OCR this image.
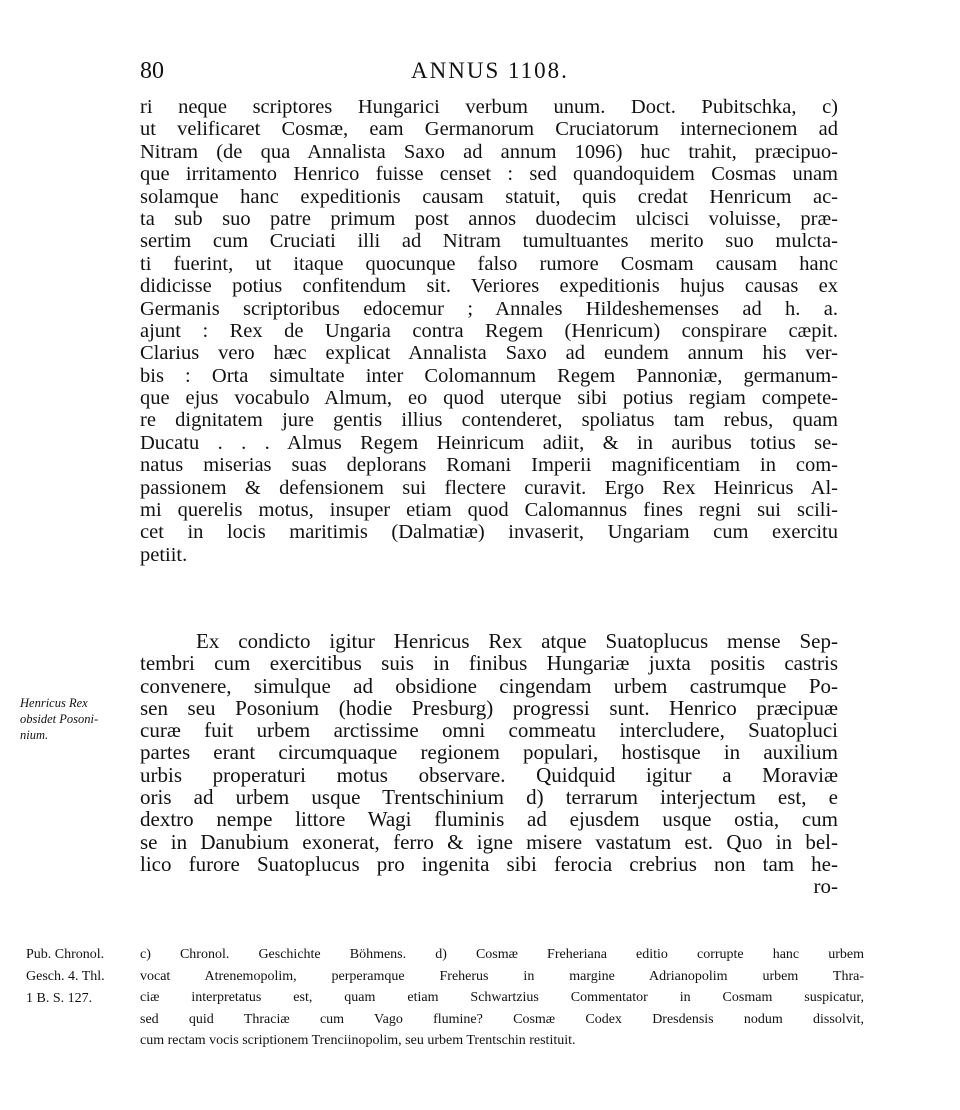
80	ANNUS 1108.
ri neque scriptores Hungarici verbum unum. Doct. Pubitschka, c)
ut velificaret Cosmæ, eam Germanorum Cruciatorum internecionem ad
Nitram (de qua Annalista Saxo ad annum 1096) huc trahit, præcipuo-
que irritamento Henrico fuisse censet : sed quandoquidem Cosmas unam
solamque hanc expeditionis causam statuit, quis credat Henricum ac-
ta sub suo patre primum post annos duodecim ulcisci voluisse, præ-
sertim cum Cruciati illi ad Nitram tumultuantes merito suo mulcta-
ti fuerint, ut itaque quocunque falso rumore Cosmam causam hanc
didicisse potius confitendum sit. Veriores expeditionis hujus causas ex
Germanis scriptoribus edocemur ; Annales Hildeshemenses ad h. a.
ajunt : Rex de Ungaria contra Regem (Henricum) conspirare cæpit.
Clarius vero hæc explicat Annalista Saxo ad eundem annum his ver-
bis : Orta simultate inter Colomannum Regem Pannoniæ, germanum-
que ejus vocabulo Almum, eo quod uterque sibi potius regiam compete-
re dignitatem jure gentis illius contenderet, spoliatus tam rebus, quam
Ducatu . . . Almus Regem Heinricum adiit, & in auribus totius se-
natus miserias suas deplorans Romani Imperii magnificentiam in com-
passionem & defensionem sui flectere curavit. Ergo Rex Heinricus Al-
mi querelis motus, insuper etiam quod Calomannus fines regni sui scili-
cet in locis maritimis (Dalmatiæ) invaserit, Ungariam cum exercitu
petiit.
Ex condicto igitur Henricus Rex atque Suatoplucus mense Sep-
tembri cum exercitibus suis in finibus Hungariæ juxta positis castris
convenere, simulque ad obsidione cingendam urbem castrumque Po-
sen seu Posonium (hodie Presburg) progressi sunt. Henrico præcipuæ
curæ fuit urbem arctissime omni commeatu intercludere, Suatopluci
partes erant circumquaque regionem populari, hostisque in auxilium
urbis properaturi motus observare. Quidquid igitur a Moraviæ
oris ad urbem usque Trentschinium d) terrarum interjectum est, e
dextro nempe littore Wagi fluminis ad ejusdem usque ostia, cum
se in Danubium exonerat, ferro & igne misere vastatum est. Quo in bel-
lico furore Suatoplucus pro ingenita sibi ferocia crebrius non tam he-
ro-
Henricus Rex
obsidet Posoni-
nium.
Pub. Chronol.
Gesch. 4. Thl.
1 B. S. 127.
c) Chronol. Geschichte Böhmens. d) Cosmæ Freheriana editio corrupte hanc urbem
vocat Atrenemopolim, perperamque Freherus in margine Adrianopolim urbem Thra-
ciæ interpretatus est, quam etiam Schwartzius Commentator in Cosmam suspicatur,
sed quid Thraciæ cum Vago flumine? Cosmæ Codex Dresdensis nodum dissolvit,
cum rectam vocis scriptionem Trenciinopolim, seu urbem Trentschin restituit.
